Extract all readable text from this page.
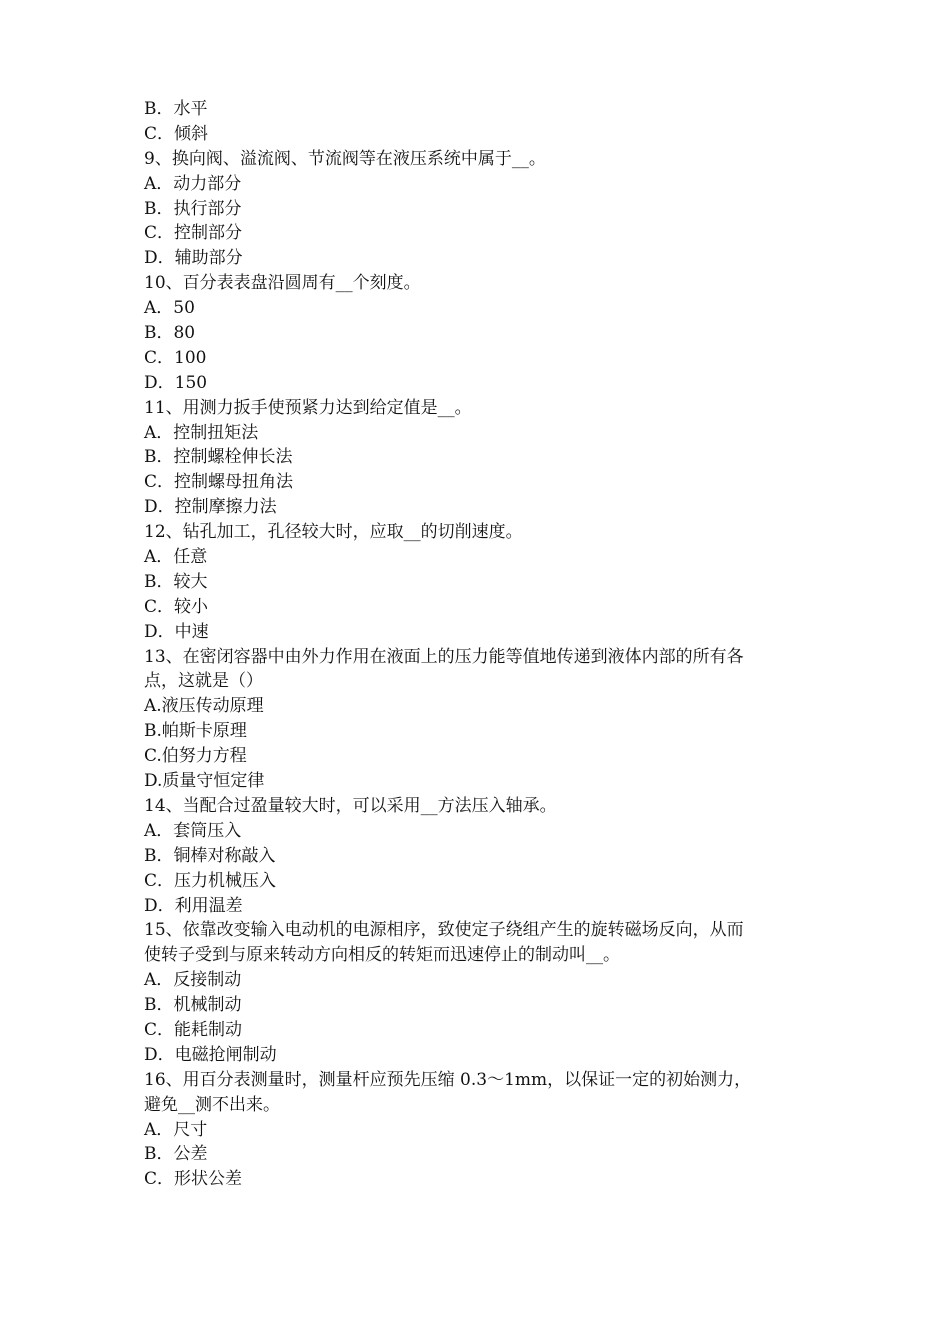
B．水平
C．倾斜
9、换向阀、溢流阀、节流阀等在液压系统中属于__。
A．动力部分
B．执行部分
C．控制部分
D．辅助部分
10、百分表表盘沿圆周有__个刻度。
A．50
B．80
C．100
D．150
11、用测力扳手使预紧力达到给定值是__。
A．控制扭矩法
B．控制螺栓伸长法
C．控制螺母扭角法
D．控制摩擦力法
12、钻孔加工，孔径较大时，应取__的切削速度。
A．任意
B．较大
C．较小
D．中速
13、在密闭容器中由外力作用在液面上的压力能等值地传递到液体内部的所有各
点，这就是（）
A.液压传动原理
B.帕斯卡原理
C.伯努力方程
D.质量守恒定律
14、当配合过盈量较大时，可以采用__方法压入轴承。
A．套筒压入
B．铜棒对称敲入
C．压力机械压入
D．利用温差
15、依靠改变输入电动机的电源相序，致使定子绕组产生的旋转磁场反向，从而
使转子受到与原来转动方向相反的转矩而迅速停止的制动叫__。
A．反接制动
B．机械制动
C．能耗制动
D．电磁抢闸制动
16、用百分表测量时，测量杆应预先压缩 0.3～1mm，以保证一定的初始测力，
避免__测不出来。
A．尺寸
B．公差
C．形状公差
